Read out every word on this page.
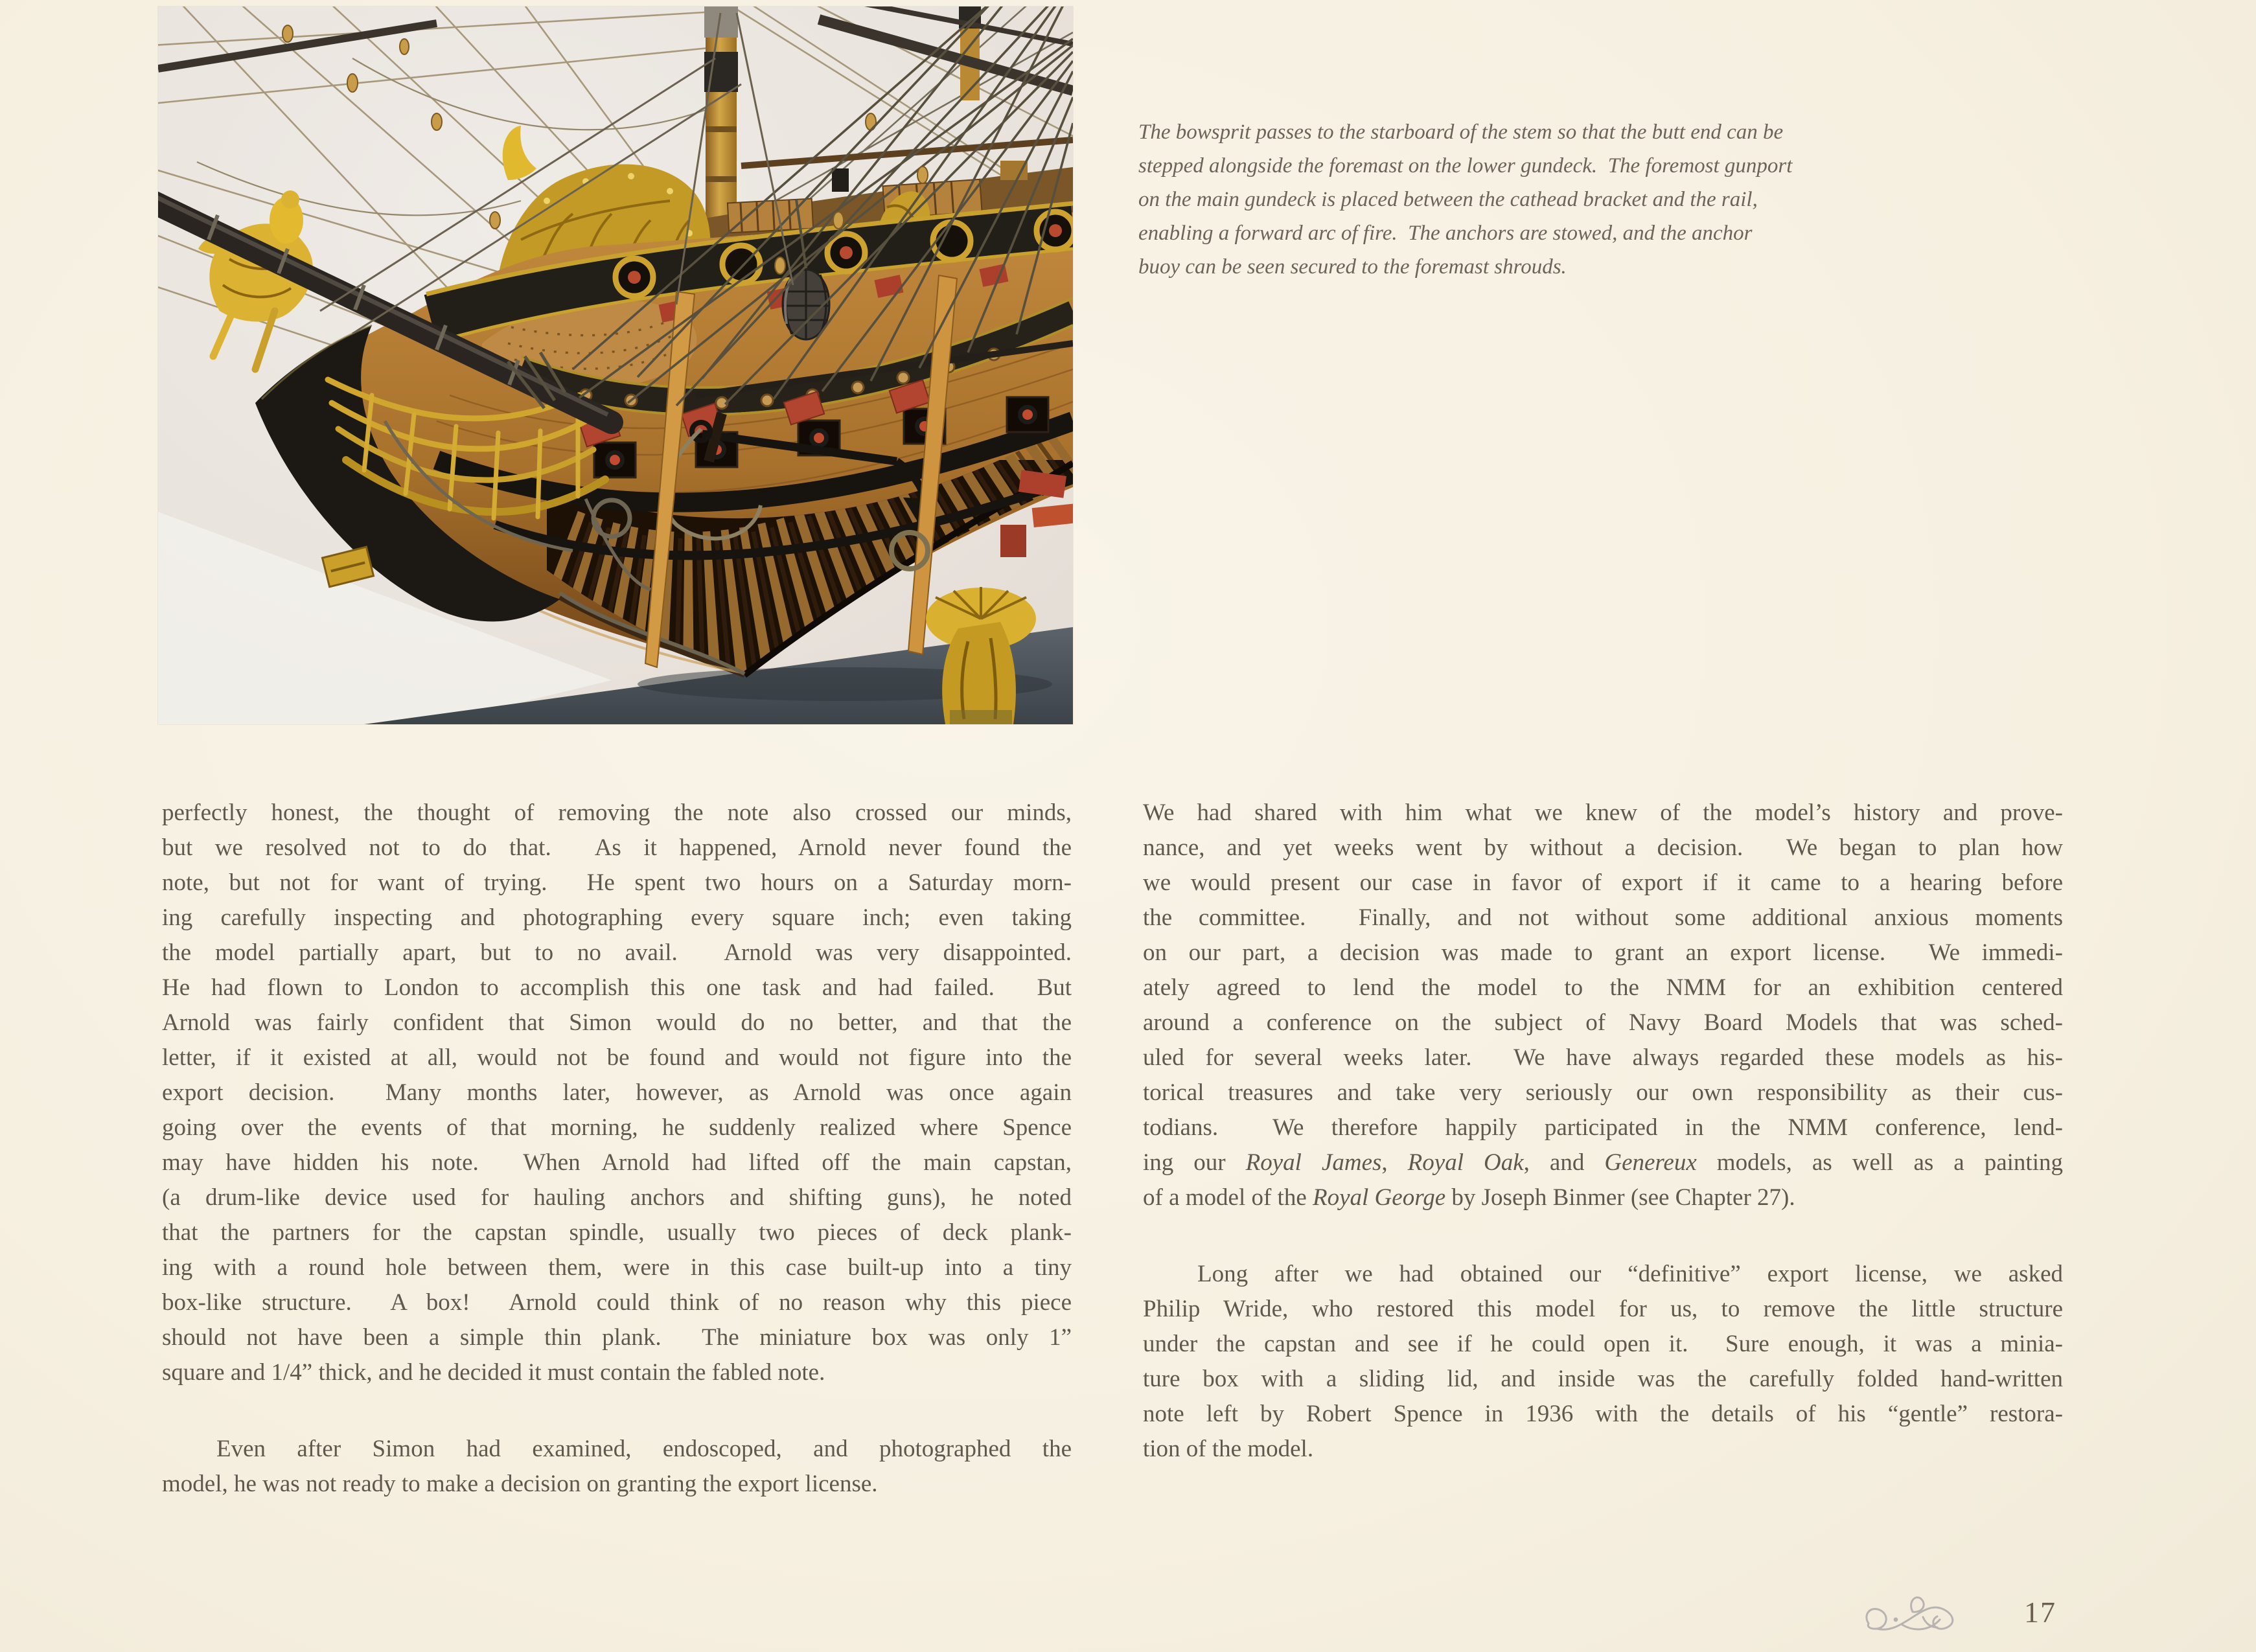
The bowsprit passes to the starboard of the stem so that the butt end can be
stepped alongside the foremast on the lower gundeck.  The foremost gunport
on the main gundeck is placed between the cathead bracket and the rail,
enabling a forward arc of fire.  The anchors are stowed, and the anchor
buoy can be seen secured to the foremast shrouds.
perfectly honest, the thought of removing the note also crossed our minds,
but we resolved not to do that.  As it happened, Arnold never found the
note, but not for want of trying.  He spent two hours on a Saturday morn-
ing carefully inspecting and photographing every square inch; even taking
the model partially apart, but to no avail.  Arnold was very disappointed.
He had flown to London to accomplish this one task and had failed.  But
Arnold was fairly confident that Simon would do no better, and that the
letter, if it existed at all, would not be found and would not figure into the
export decision.  Many months later, however, as Arnold was once again
going over the events of that morning, he suddenly realized where Spence
may have hidden his note.  When Arnold had lifted off the main capstan,
(a drum-like device used for hauling anchors and shifting guns), he noted
that the partners for the capstan spindle, usually two pieces of deck plank-
ing with a round hole between them, were in this case built-up into a tiny
box-like structure.  A box!  Arnold could think of no reason why this piece
should not have been a simple thin plank.  The miniature box was only 1”
square and 1/4” thick, and he decided it must contain the fabled note.
Even after Simon had examined, endoscoped, and photographed the
model, he was not ready to make a decision on granting the export license.
We had shared with him what we knew of the model’s history and prove-
nance, and yet weeks went by without a decision.  We began to plan how
we would present our case in favor of export if it came to a hearing before
the committee.  Finally, and not without some additional anxious moments
on our part, a decision was made to grant an export license.  We immedi-
ately agreed to lend the model to the NMM for an exhibition centered
around a conference on the subject of Navy Board Models that was sched-
uled for several weeks later.  We have always regarded these models as his-
torical treasures and take very seriously our own responsibility as their cus-
todians.  We therefore happily participated in the NMM conference, lend-
ing our Royal James, Royal Oak, and Genereux models, as well as a painting
of a model of the Royal George by Joseph Binmer (see Chapter 27).
Long after we had obtained our “definitive” export license, we asked
Philip Wride, who restored this model for us, to remove the little structure
under the capstan and see if he could open it.  Sure enough, it was a minia-
ture box with a sliding lid, and inside was the carefully folded hand-written
note left by Robert Spence in 1936 with the details of his “gentle” restora-
tion of the model.
17
